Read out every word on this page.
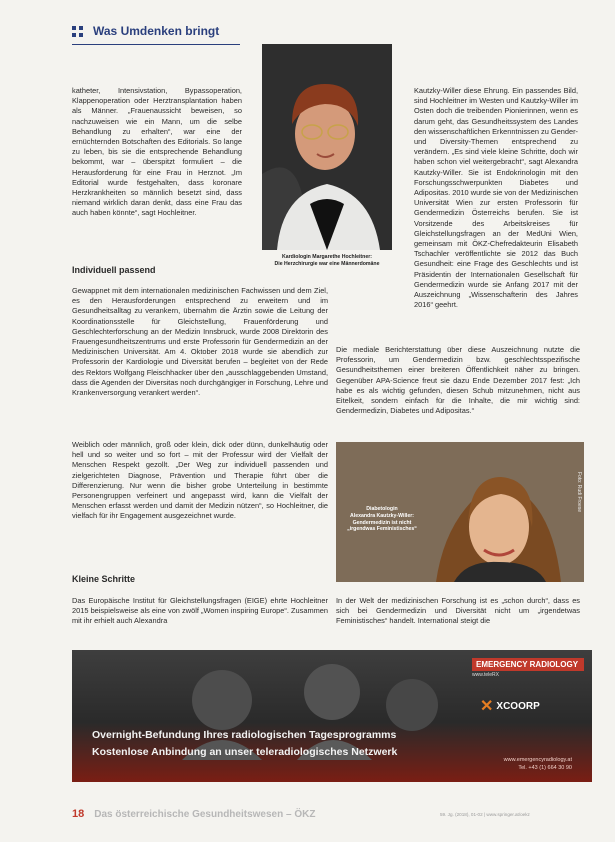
Was Umdenken bringt

katheter, Intensivstation, Bypassoperation, Klappenoperation oder Herztransplantation haben als Männer. „Frauenaussicht beweisen, so nachzuweisen wie ein Mann, um die selbe Behandlung zu erhalten“, war eine der ernüchternden Botschaften des Editorials. So lange zu leben, bis sie die entsprechende Behandlung bekommt, war – überspitzt formuliert – die Herausforderung für eine Frau in Herznot. „Im Editorial wurde festgehalten, dass koronare Herzkrankheiten so männlich besetzt sind, dass niemand wirklich daran denkt, dass eine Frau das auch haben könnte“, sagt Hochleitner.

Individuell passend

Kardiologin Margarethe Hochleitner:
Die Herzchirurgie war eine Männerdomäne

Gewappnet mit dem internationalen medizinischen Fachwissen und dem Ziel, es den Herausforderungen entsprechend zu erweitern und im Gesundheitsalltag zu verankern, übernahm die Ärztin sowie die Leitung der Koordinationsstelle für Gleichstellung, Frauenförderung und Geschlechterforschung an der Medizin Innsbruck, wurde 2008 Direktorin des Frauengesundheitszentrums und erste Professorin für Gendermedizin an der Medizinischen Universität. Am 4. Oktober 2018 wurde sie abendlich zur Professorin der Kardiologie und Diversität berufen – begleitet von der Rede des Rektors Wolfgang Fleischhacker über den „ausschlaggebenden Umstand, dass die Agenden der Diversitas noch durchgängiger in Forschung, Lehre und Krankenversorgung verankert werden“.

Weiblich oder männlich, groß oder klein, dick oder dünn, dunkelhäutig oder hell und so weiter und so fort – mit der Professur wird der Vielfalt der Menschen Respekt gezollt. „Der Weg zur individuell passenden und zielgerichteten Diagnose, Prävention und Therapie führt über die Differenzierung. Nur wenn die bisher grobe Unterteilung in bestimmte Personengruppen verfeinert und angepasst wird, kann die Vielfalt der Menschen erfasst werden und damit der Medizin nützen“, so Hochleitner, die vielfach für ihr Engagement ausgezeichnet wurde.

Kleine Schritte

Das Europäische Institut für Gleichstellungsfragen (EIGE) ehrte Hochleitner 2015 beispielsweise als eine von zwölf „Women inspiring Europe“. Zusammen mit ihr erhielt auch Alexandra

Kautzky-Willer diese Ehrung. Ein passendes Bild, sind Hochleitner im Westen und Kautzky-Willer im Osten doch die treibenden Pionierinnen, wenn es darum geht, das Gesundheitssystem des Landes den wissenschaftlichen Erkenntnissen zu Gender- und Diversity-Themen entsprechend zu verändern. „Es sind viele kleine Schritte, doch wir haben schon viel weitergebracht“, sagt Alexandra Kautzky-Willer. Sie ist Endokrinologin mit den Forschungsschwerpunkten Diabetes und Adipositas. 2010 wurde sie von der Medizinischen Universität Wien zur ersten Professorin für Gendermedizin Österreichs berufen. Sie ist Vorsitzende des Arbeitskreises für Gleichstellungsfragen an der MedUni Wien, gemeinsam mit ÖKZ-Chefredakteurin Elisabeth Tschachler veröffentlichte sie 2012 das Buch Gesundheit: eine Frage des Geschlechts und ist Präsidentin der Internationalen Gesellschaft für Gendermedizin wurde sie Anfang 2017 mit der Auszeichnung „Wissenschafterin des Jahres 2016“ geehrt.

Die mediale Berichterstattung über diese Auszeichnung nutzte die Professorin, um Gendermedizin bzw. geschlechtsspezifische Gesundheitsthemen einer breiteren Öffentlichkeit näher zu bringen. Gegenüber APA-Science freut sie dazu Ende Dezember 2017 fest: „Ich habe es als wichtig gefunden, diesen Schub mitzunehmen, nicht aus Eitelkeit, sondern einfach für die Inhalte, die mir wichtig sind: Gendermedizin, Diabetes und Adipositas.“

Diabetologin
Alexandra Kautzky-Willer:
Gendermedizin ist nicht
„irgendwas Feministisches“
Foto: Rudi Froese

In der Welt der medizinischen Forschung ist es „schon durch“, dass es sich bei Gendermedizin und Diversität nicht um „irgendetwas Feministisches“ handelt. International steigt die

EMERGENCY RADIOLOGY
www.teleRX
✕ XCOORP
Overnight-Befundung Ihres radiologischen Tagesprogramms
Kostenlose Anbindung an unser teleradiologisches Netzwerk
www.emergencyradiology.at
Tel. +43 (1) 664 30 90
18 Das österreichische Gesundheitswesen – ÖKZ	59. Jg. (2018), 01-02 | www.springer.at/oekz
